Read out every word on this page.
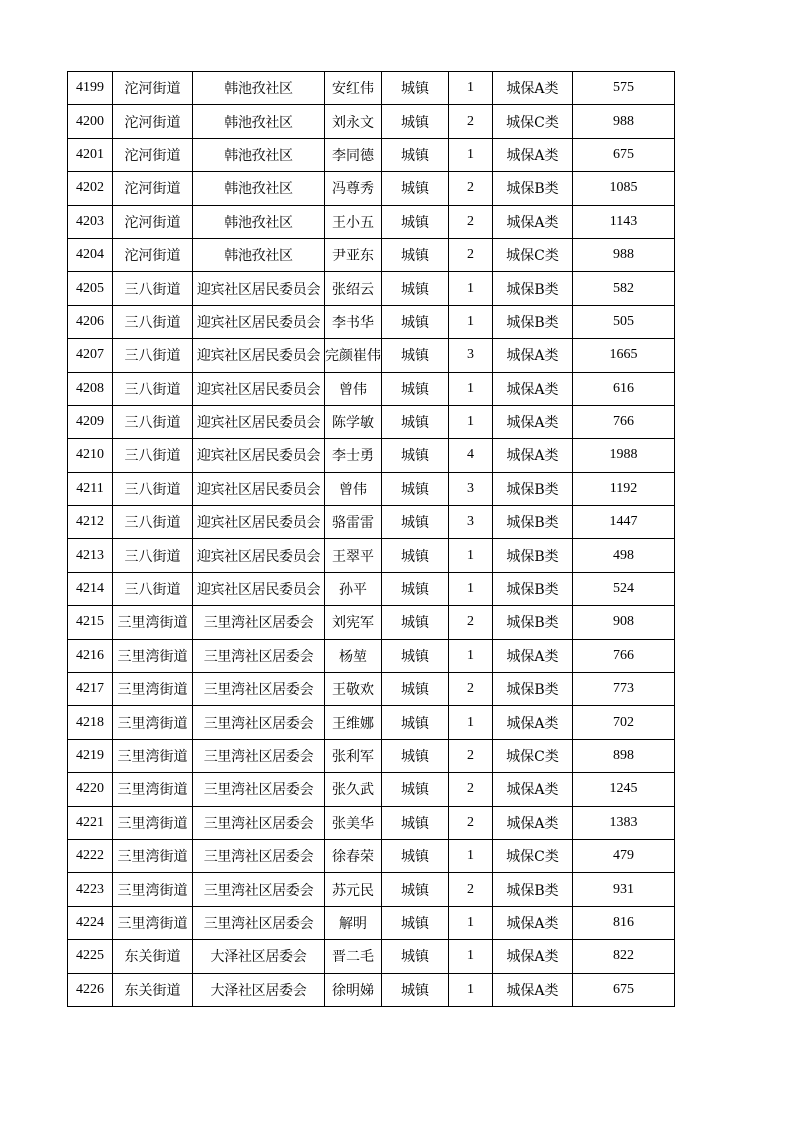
4199	沱河街道	韩池孜社区	安红伟	城镇	1	城保A类	575
4200	沱河街道	韩池孜社区	刘永文	城镇	2	城保C类	988
4201	沱河街道	韩池孜社区	李同德	城镇	1	城保A类	675
4202	沱河街道	韩池孜社区	冯尊秀	城镇	2	城保B类	1085
4203	沱河街道	韩池孜社区	王小五	城镇	2	城保A类	1143
4204	沱河街道	韩池孜社区	尹亚东	城镇	2	城保C类	988
4205	三八街道	迎宾社区居民委员会	张绍云	城镇	1	城保B类	582
4206	三八街道	迎宾社区居民委员会	李书华	城镇	1	城保B类	505
4207	三八街道	迎宾社区居民委员会	完颜崔伟	城镇	3	城保A类	1665
4208	三八街道	迎宾社区居民委员会	曾伟	城镇	1	城保A类	616
4209	三八街道	迎宾社区居民委员会	陈学敏	城镇	1	城保A类	766
4210	三八街道	迎宾社区居民委员会	李士勇	城镇	4	城保A类	1988
4211	三八街道	迎宾社区居民委员会	曾伟	城镇	3	城保B类	1192
4212	三八街道	迎宾社区居民委员会	骆雷雷	城镇	3	城保B类	1447
4213	三八街道	迎宾社区居民委员会	王翠平	城镇	1	城保B类	498
4214	三八街道	迎宾社区居民委员会	孙平	城镇	1	城保B类	524
4215	三里湾街道	三里湾社区居委会	刘宪军	城镇	2	城保B类	908
4216	三里湾街道	三里湾社区居委会	杨堃	城镇	1	城保A类	766
4217	三里湾街道	三里湾社区居委会	王敬欢	城镇	2	城保B类	773
4218	三里湾街道	三里湾社区居委会	王维娜	城镇	1	城保A类	702
4219	三里湾街道	三里湾社区居委会	张利军	城镇	2	城保C类	898
4220	三里湾街道	三里湾社区居委会	张久武	城镇	2	城保A类	1245
4221	三里湾街道	三里湾社区居委会	张美华	城镇	2	城保A类	1383
4222	三里湾街道	三里湾社区居委会	徐春荣	城镇	1	城保C类	479
4223	三里湾街道	三里湾社区居委会	苏元民	城镇	2	城保B类	931
4224	三里湾街道	三里湾社区居委会	解明	城镇	1	城保A类	816
4225	东关街道	大泽社区居委会	晋二毛	城镇	1	城保A类	822
4226	东关街道	大泽社区居委会	徐明娣	城镇	1	城保A类	675
